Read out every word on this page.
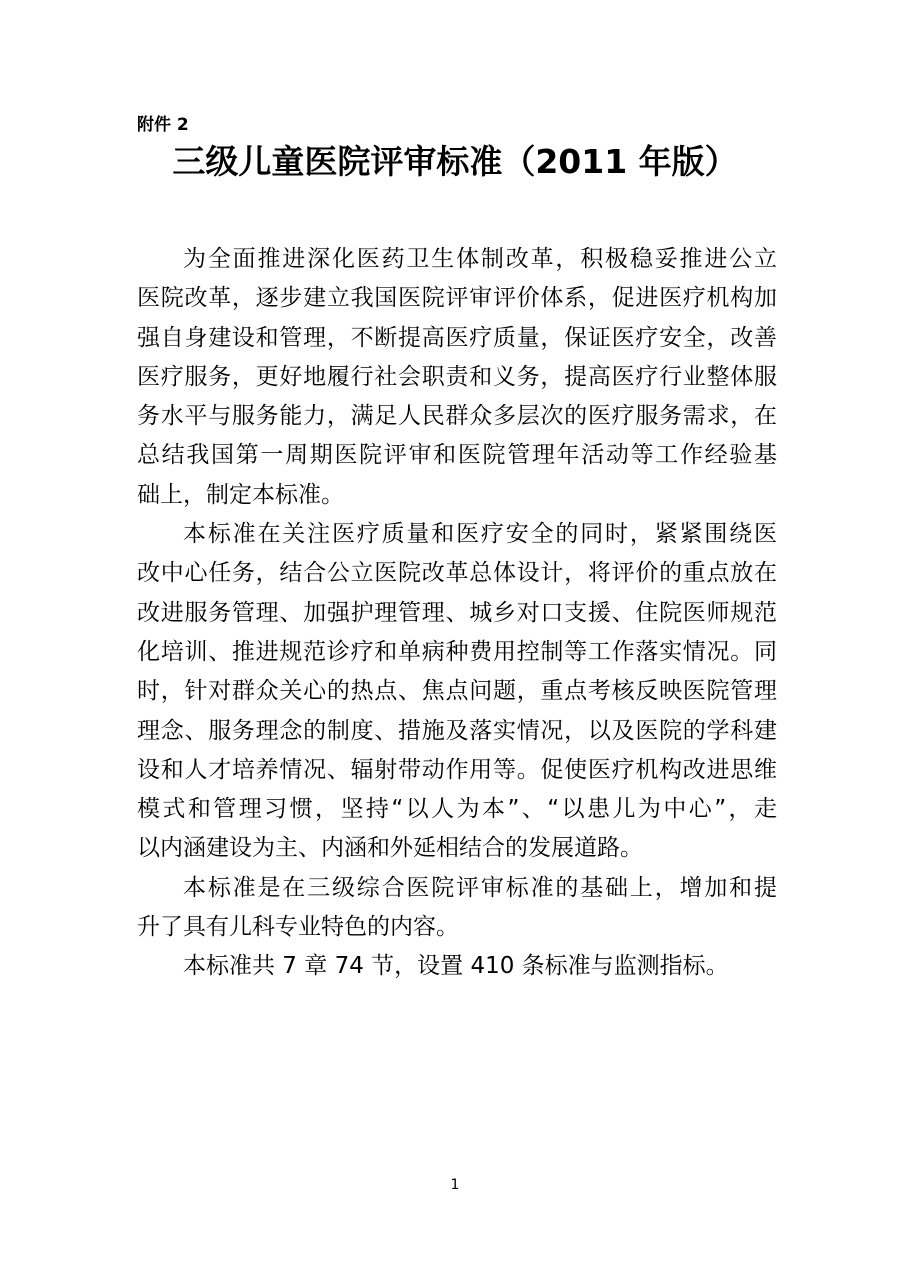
附件 2
三级儿童医院评审标准（2011 年版）

为全面推进深化医药卫生体制改革，积极稳妥推进公立
医院改革，逐步建立我国医院评审评价体系，促进医疗机构加
强自身建设和管理，不断提高医疗质量，保证医疗安全，改善
医疗服务，更好地履行社会职责和义务，提高医疗行业整体服
务水平与服务能力，满足人民群众多层次的医疗服务需求，在
总结我国第一周期医院评审和医院管理年活动等工作经验基
础上，制定本标准。

本标准在关注医疗质量和医疗安全的同时，紧紧围绕医
改中心任务，结合公立医院改革总体设计，将评价的重点放在
改进服务管理、加强护理管理、城乡对口支援、住院医师规范
化培训、推进规范诊疗和单病种费用控制等工作落实情况。同
时，针对群众关心的热点、焦点问题，重点考核反映医院管理
理念、服务理念的制度、措施及落实情况，以及医院的学科建
设和人才培养情况、辐射带动作用等。促使医疗机构改进思维
模式和管理习惯，坚持“以人为本”、“以患儿为中心”，走
以内涵建设为主、内涵和外延相结合的发展道路。

本标准是在三级综合医院评审标准的基础上，增加和提
升了具有儿科专业特色的内容。

本标准共 7 章 74 节，设置 410 条标准与监测指标。

1
